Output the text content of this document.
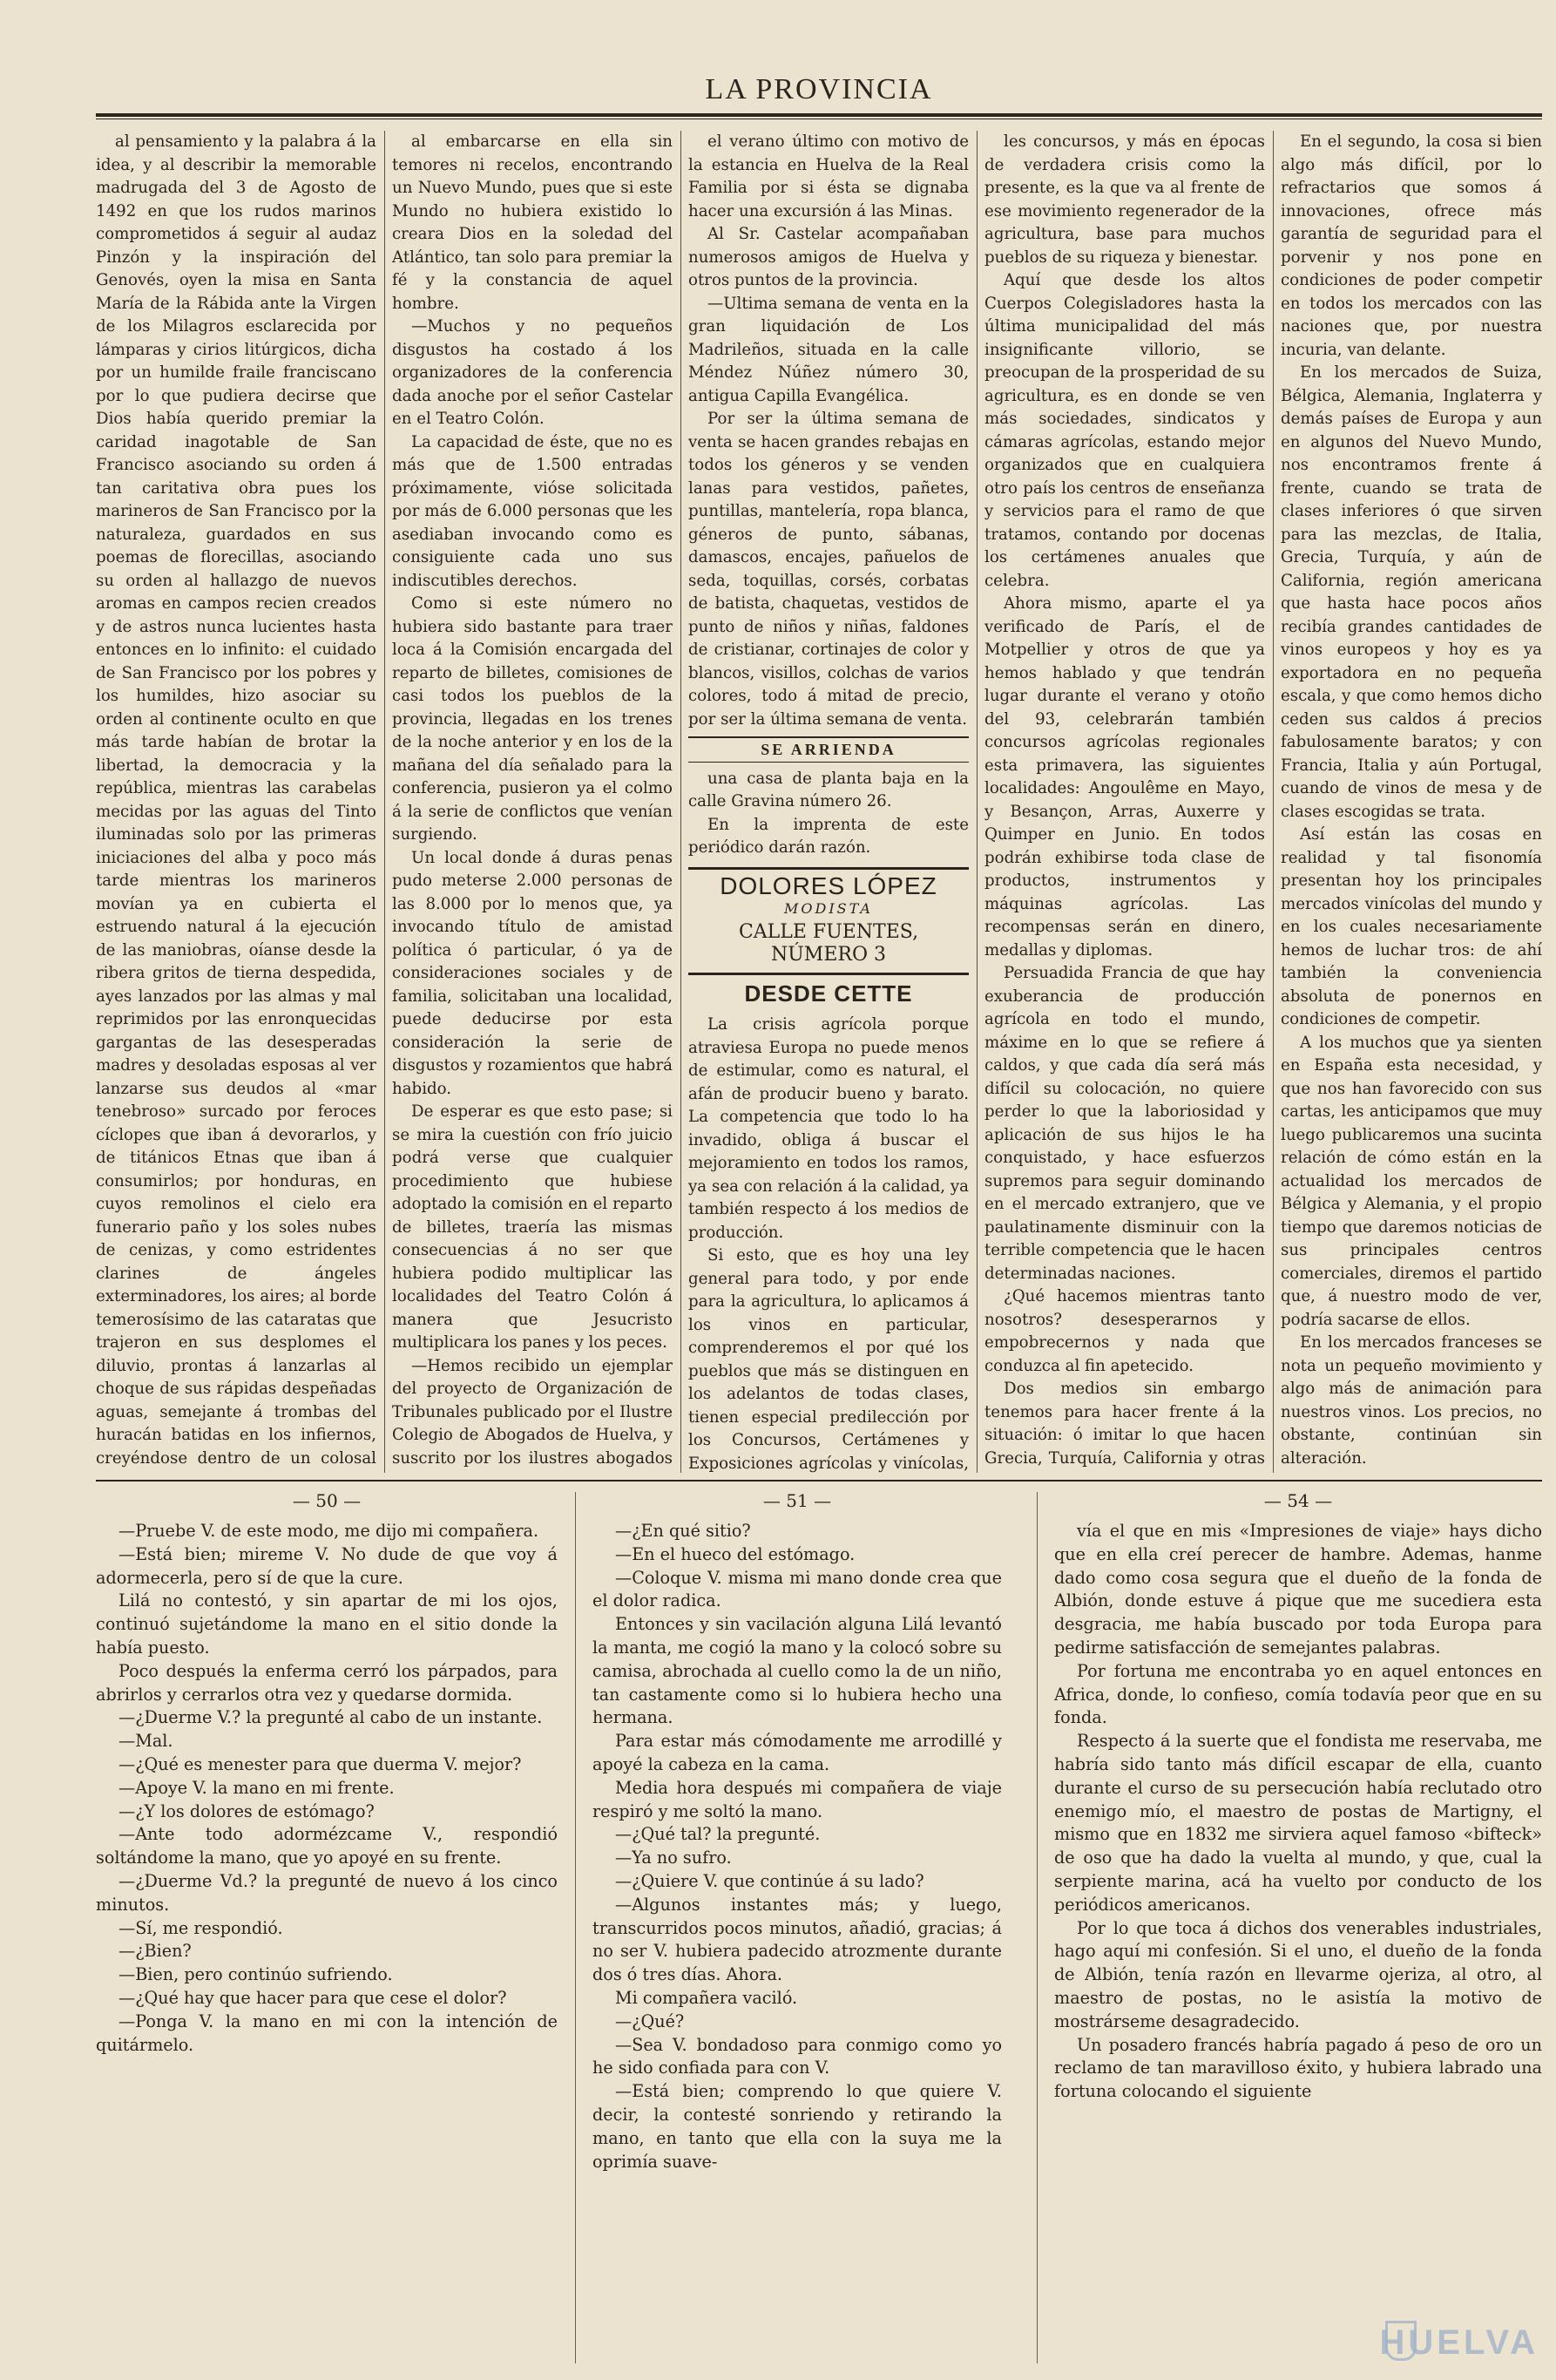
LA PROVINCIA

al pensamiento y la palabra á la idea, y al describir la memorable madrugada del 3 de Agosto de 1492 en que los rudos marinos comprometidos á seguir al audaz Pinzón y la inspiración del Genovés, oyen la misa en Santa María de la Rábida ante la Virgen de los Milagros esclarecida por lámparas y cirios litúrgicos, dicha por un humilde fraile franciscano por lo que pudiera decirse que Dios había querido premiar la caridad inagotable de San Francisco asociando su orden á tan caritativa obra pues los marineros de San Francisco por la naturaleza, guardados en sus poemas de florecillas, asociando su orden al hallazgo de nuevos aromas en campos recien creados y de astros nunca lucientes hasta entonces en lo infinito: el cuidado de San Francisco por los pobres y los humildes, hizo asociar su orden al continente oculto en que más tarde habían de brotar la libertad, la democracia y la república, mientras las carabelas mecidas por las aguas del Tinto iluminadas solo por las primeras iniciaciones del alba y poco más tarde mientras los marineros movían ya en cubierta el estruendo natural á la ejecución de las maniobras, oíanse desde la ribera gritos de tierna despedida, ayes lanzados por las almas y mal reprimidos por las enronquecidas gargantas de las desesperadas madres y desoladas esposas al ver lanzarse sus deudos al «mar tenebroso» surcado por feroces cíclopes que iban á devorarlos, y de titánicos Etnas que iban á consumirlos; por honduras, en cuyos remolinos el cielo era funerario paño y los soles nubes de cenizas, y como estridentes clarines de ángeles exterminadores, los aires; al borde temerosísimo de las cataratas que trajeron en sus desplomes el diluvio, prontas á lanzarlas al choque de sus rápidas despeñadas aguas, semejante á trombas del huracán batidas en los infiernos, creyéndose dentro de un colosal

al embarcarse en ella sin temores ni recelos, encontrando un Nuevo Mundo, pues que si este Mundo no hubiera existido lo creara Dios en la soledad del Atlántico, tan solo para premiar la fé y la constancia de aquel hombre.

—Muchos y no pequeños disgustos ha costado á los organizadores de la conferencia dada anoche por el señor Castelar en el Teatro Colón.

La capacidad de éste, que no es más que de 1.500 entradas próximamente, vióse solicitada por más de 6.000 personas que les asediaban invocando como es consiguiente cada uno sus indiscutibles derechos.

Como si este número no hubiera sido bastante para traer loca á la Comisión encargada del reparto de billetes, comisiones de casi todos los pueblos de la provincia, llegadas en los trenes de la noche anterior y en los de la mañana del día señalado para la conferencia, pusieron ya el colmo á la serie de conflictos que venían surgiendo.

Un local donde á duras penas pudo meterse 2.000 personas de las 8.000 por lo menos que, ya invocando título de amistad política ó particular, ó ya de consideraciones sociales y de familia, solicitaban una localidad, puede deducirse por esta consideración la serie de disgustos y rozamientos que habrá habido.

De esperar es que esto pase; si se mira la cuestión con frío juicio podrá verse que cualquier procedimiento que hubiese adoptado la comisión en el reparto de billetes, traería las mismas consecuencias á no ser que hubiera podido multiplicar las localidades del Teatro Colón á manera que Jesucristo multiplicara los panes y los peces.

—Hemos recibido un ejemplar del proyecto de Organización de Tribunales publicado por el Ilustre Colegio de Abogados de Huelva, y suscrito por los ilustres abogados

el verano último con motivo de la estancia en Huelva de la Real Familia por si ésta se dignaba hacer una excursión á las Minas.

Al Sr. Castelar acompañaban numerosos amigos de Huelva y otros puntos de la provincia.

—Ultima semana de venta en la gran liquidación de Los Madrileños, situada en la calle Méndez Núñez número 30, antigua Capilla Evangélica.

Por ser la última semana de venta se hacen grandes rebajas en todos los géneros y se venden lanas para vestidos, pañetes, puntillas, mantelería, ropa blanca, géneros de punto, sábanas, damascos, encajes, pañuelos de seda, toquillas, corsés, corbatas de batista, chaquetas, vestidos de punto de niños y niñas, faldones de cristianar, cortinajes de color y blancos, visillos, colchas de varios colores, todo á mitad de precio, por ser la última semana de venta.

SE ARRIENDA

una casa de planta baja en la calle Gravina número 26.

En la imprenta de este periódico darán razón.

DOLORES LÓPEZ
MODISTA
CALLE FUENTES, NÚMERO 3
DESDE CETTE

La crisis agrícola porque atraviesa Europa no puede menos de estimular, como es natural, el afán de producir bueno y barato. La competencia que todo lo ha invadido, obliga á buscar el mejoramiento en todos los ramos, ya sea con relación á la calidad, ya también respecto á los medios de producción.

Si esto, que es hoy una ley general para todo, y por ende para la agricultura, lo aplicamos á los vinos en particular, comprenderemos el por qué los pueblos que más se distinguen en los adelantos de todas clases, tienen especial predilección por los Concursos, Certámenes y Exposiciones agrícolas y vinícolas,

les concursos, y más en épocas de verdadera crisis como la presente, es la que va al frente de ese movimiento regenerador de la agricultura, base para muchos pueblos de su riqueza y bienestar.

Aquí que desde los altos Cuerpos Colegisladores hasta la última municipalidad del más insignificante villorio, se preocupan de la prosperidad de su agricultura, es en donde se ven más sociedades, sindicatos y cámaras agrícolas, estando mejor organizados que en cualquiera otro país los centros de enseñanza y servicios para el ramo de que tratamos, contando por docenas los certámenes anuales que celebra.

Ahora mismo, aparte el ya verificado de París, el de Motpellier y otros de que ya hemos hablado y que tendrán lugar durante el verano y otoño del 93, celebrarán también concursos agrícolas regionales esta primavera, las siguientes localidades: Angoulême en Mayo, y Besançon, Arras, Auxerre y Quimper en Junio. En todos podrán exhibirse toda clase de productos, instrumentos y máquinas agrícolas. Las recompensas serán en dinero, medallas y diplomas.

Persuadida Francia de que hay exuberancia de producción agrícola en todo el mundo, máxime en lo que se refiere á caldos, y que cada día será más difícil su colocación, no quiere perder lo que la laboriosidad y aplicación de sus hijos le ha conquistado, y hace esfuerzos supremos para seguir dominando en el mercado extranjero, que ve paulatinamente disminuir con la terrible competencia que le hacen determinadas naciones.

¿Qué hacemos mientras tanto nosotros? desesperarnos y empobrecernos y nada que conduzca al fin apetecido.

Dos medios sin embargo tenemos para hacer frente á la situación: ó imitar lo que hacen Grecia, Turquía, California y otras

En el segundo, la cosa si bien algo más difícil, por lo refractarios que somos á innovaciones, ofrece más garantía de seguridad para el porvenir y nos pone en condiciones de poder competir en todos los mercados con las naciones que, por nuestra incuria, van delante.

En los mercados de Suiza, Bélgica, Alemania, Inglaterra y demás países de Europa y aun en algunos del Nuevo Mundo, nos encontramos frente á frente, cuando se trata de clases inferiores ó que sirven para las mezclas, de Italia, Grecia, Turquía, y aún de California, región americana que hasta hace pocos años recibía grandes cantidades de vinos europeos y hoy es ya exportadora en no pequeña escala, y que como hemos dicho ceden sus caldos á precios fabulosamente baratos; y con Francia, Italia y aún Portugal, cuando de vinos de mesa y de clases escogidas se trata.

Así están las cosas en realidad y tal fisonomía presentan hoy los principales mercados vinícolas del mundo y en los cuales necesariamente hemos de luchar tros: de ahí también la conveniencia absoluta de ponernos en condiciones de competir.

A los muchos que ya sienten en España esta necesidad, y que nos han favorecido con sus cartas, les anticipamos que muy luego publicaremos una sucinta relación de cómo están en la actualidad los mercados de Bélgica y Alemania, y el propio tiempo que daremos noticias de sus principales centros comerciales, diremos el partido que, á nuestro modo de ver, podría sacarse de ellos.

En los mercados franceses se nota un pequeño movimiento y algo más de animación para nuestros vinos. Los precios, no obstante, continúan sin alteración.

— 50 —

—Pruebe V. de este modo, me dijo mi compañera.

—Está bien; mireme V. No dude de que voy á adormecerla, pero sí de que la cure.

Lilá no contestó, y sin apartar de mi los ojos, continuó sujetándome la mano en el sitio donde la había puesto.

Poco después la enferma cerró los párpados, para abrirlos y cerrarlos otra vez y quedarse dormida.

—¿Duerme V.? la pregunté al cabo de un instante.

—Mal.

—¿Qué es menester para que duerma V. mejor?

—Apoye V. la mano en mi frente.

—¿Y los dolores de estómago?

—Ante todo adormézcame V., respondió soltándome la mano, que yo apoyé en su frente.

—¿Duerme Vd.? la pregunté de nuevo á los cinco minutos.

—Sí, me respondió.

—¿Bien?

—Bien, pero continúo sufriendo.

—¿Qué hay que hacer para que cese el dolor?

—Ponga V. la mano en mi con la intención de quitármelo.

— 51 —

—¿En qué sitio?

—En el hueco del estómago.

—Coloque V. misma mi mano donde crea que el dolor radica.

Entonces y sin vacilación alguna Lilá levantó la manta, me cogió la mano y la colocó sobre su camisa, abrochada al cuello como la de un niño, tan castamente como si lo hubiera hecho una hermana.

Para estar más cómodamente me arrodillé y apoyé la cabeza en la cama.

Media hora después mi compañera de viaje respiró y me soltó la mano.

—¿Qué tal? la pregunté.

—Ya no sufro.

—¿Quiere V. que continúe á su lado?

—Algunos instantes más; y luego, transcurridos pocos minutos, añadió, gracias; á no ser V. hubiera padecido atrozmente durante dos ó tres días. Ahora.

Mi compañera vaciló.

—¿Qué?

—Sea V. bondadoso para conmigo como yo he sido confiada para con V.

—Está bien; comprendo lo que quiere V. decir, la contesté sonriendo y retirando la mano, en tanto que ella con la suya me la oprimía suave-

— 54 —

vía el que en mis «Impresiones de viaje» hays dicho que en ella creí perecer de hambre. Ademas, hanme dado como cosa segura que el dueño de la fonda de Albión, donde estuve á pique que me sucediera esta desgracia, me había buscado por toda Europa para pedirme satisfacción de semejantes palabras.

Por fortuna me encontraba yo en aquel entonces en Africa, donde, lo confieso, comía todavía peor que en su fonda.

Respecto á la suerte que el fondista me reservaba, me habría sido tanto más difícil escapar de ella, cuanto durante el curso de su persecución había reclutado otro enemigo mío, el maestro de postas de Martigny, el mismo que en 1832 me sirviera aquel famoso «bifteck» de oso que ha dado la vuelta al mundo, y que, cual la serpiente marina, acá ha vuelto por conducto de los periódicos americanos.

Por lo que toca á dichos dos venerables industriales, hago aquí mi confesión. Si el uno, el dueño de la fonda de Albión, tenía razón en llevarme ojeriza, al otro, al maestro de postas, no le asistía la motivo de mostrárseme desagradecido.

Un posadero francés habría pagado á peso de oro un reclamo de tan maravilloso éxito, y hubiera labrado una fortuna colocando el siguiente

HUELVA
